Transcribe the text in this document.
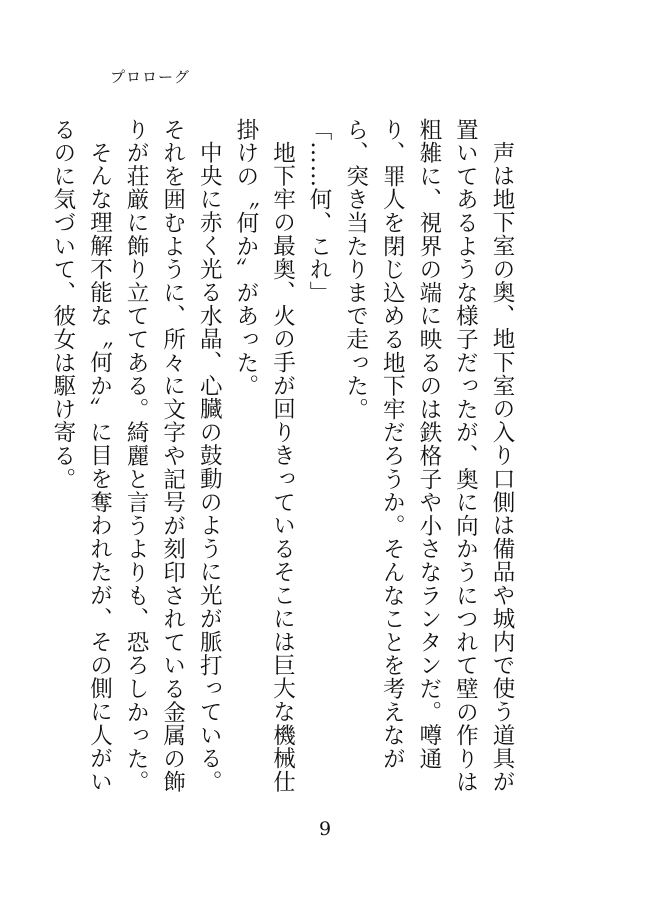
プロローグ

声は地下室の奥、地下室の入り口側は備品や城内で使う道具が置いてあるような様子だったが、奥に向かうにつれて壁の作りは粗雑に、視界の端に映るのは鉄格子や小さなランタンだ。噂通り、罪人を閉じ込める地下牢だろうか。そんなことを考えながら、突き当たりまで走った。

「……何、これ」

地下牢の最奥、火の手が回りきっているそこには巨大な機械仕掛けの〝何か〟があった。

中央に赤く光る水晶、心臓の鼓動のように光が脈打っている。それを囲むように、所々に文字や記号が刻印されている金属の飾りが荘厳に飾り立ててある。綺麗と言うよりも、恐ろしかった。

そんな理解不能な〝何か〟に目を奪われたが、その側に人がいるのに気づいて、彼女は駆け寄る。

9
